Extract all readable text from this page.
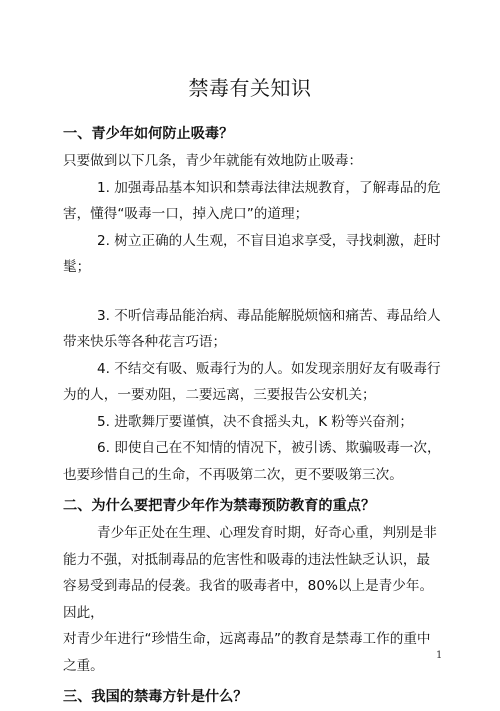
禁毒有关知识

一、青少年如何防止吸毒？

只要做到以下几条，青少年就能有效地防止吸毒：

1. 加强毒品基本知识和禁毒法律法规教育，了解毒品的危害，懂得“吸毒一口，掉入虎口”的道理；

2. 树立正确的人生观，不盲目追求享受，寻找刺激，赶时髦；

3. 不听信毒品能治病、毒品能解脱烦恼和痛苦、毒品给人带来快乐等各种花言巧语；

4. 不结交有吸、贩毒行为的人。如发现亲朋好友有吸毒行为的人，一要劝阻，二要远离，三要报告公安机关；

5. 进歌舞厅要谨慎，决不食摇头丸，K 粉等兴奋剂；

6. 即使自己在不知情的情况下，被引诱、欺骗吸毒一次，也要珍惜自己的生命，不再吸第二次，更不要吸第三次。

二、为什么要把青少年作为禁毒预防教育的重点？

青少年正处在生理、心理发育时期，好奇心重，判别是非能力不强，对抵制毒品的危害性和吸毒的违法性缺乏认识，最容易受到毒品的侵袭。我省的吸毒者中，80%以上是青少年。因此，

对青少年进行“珍惜生命，远离毒品”的教育是禁毒工作的重中之重。

三、我国的禁毒方针是什么？

1
